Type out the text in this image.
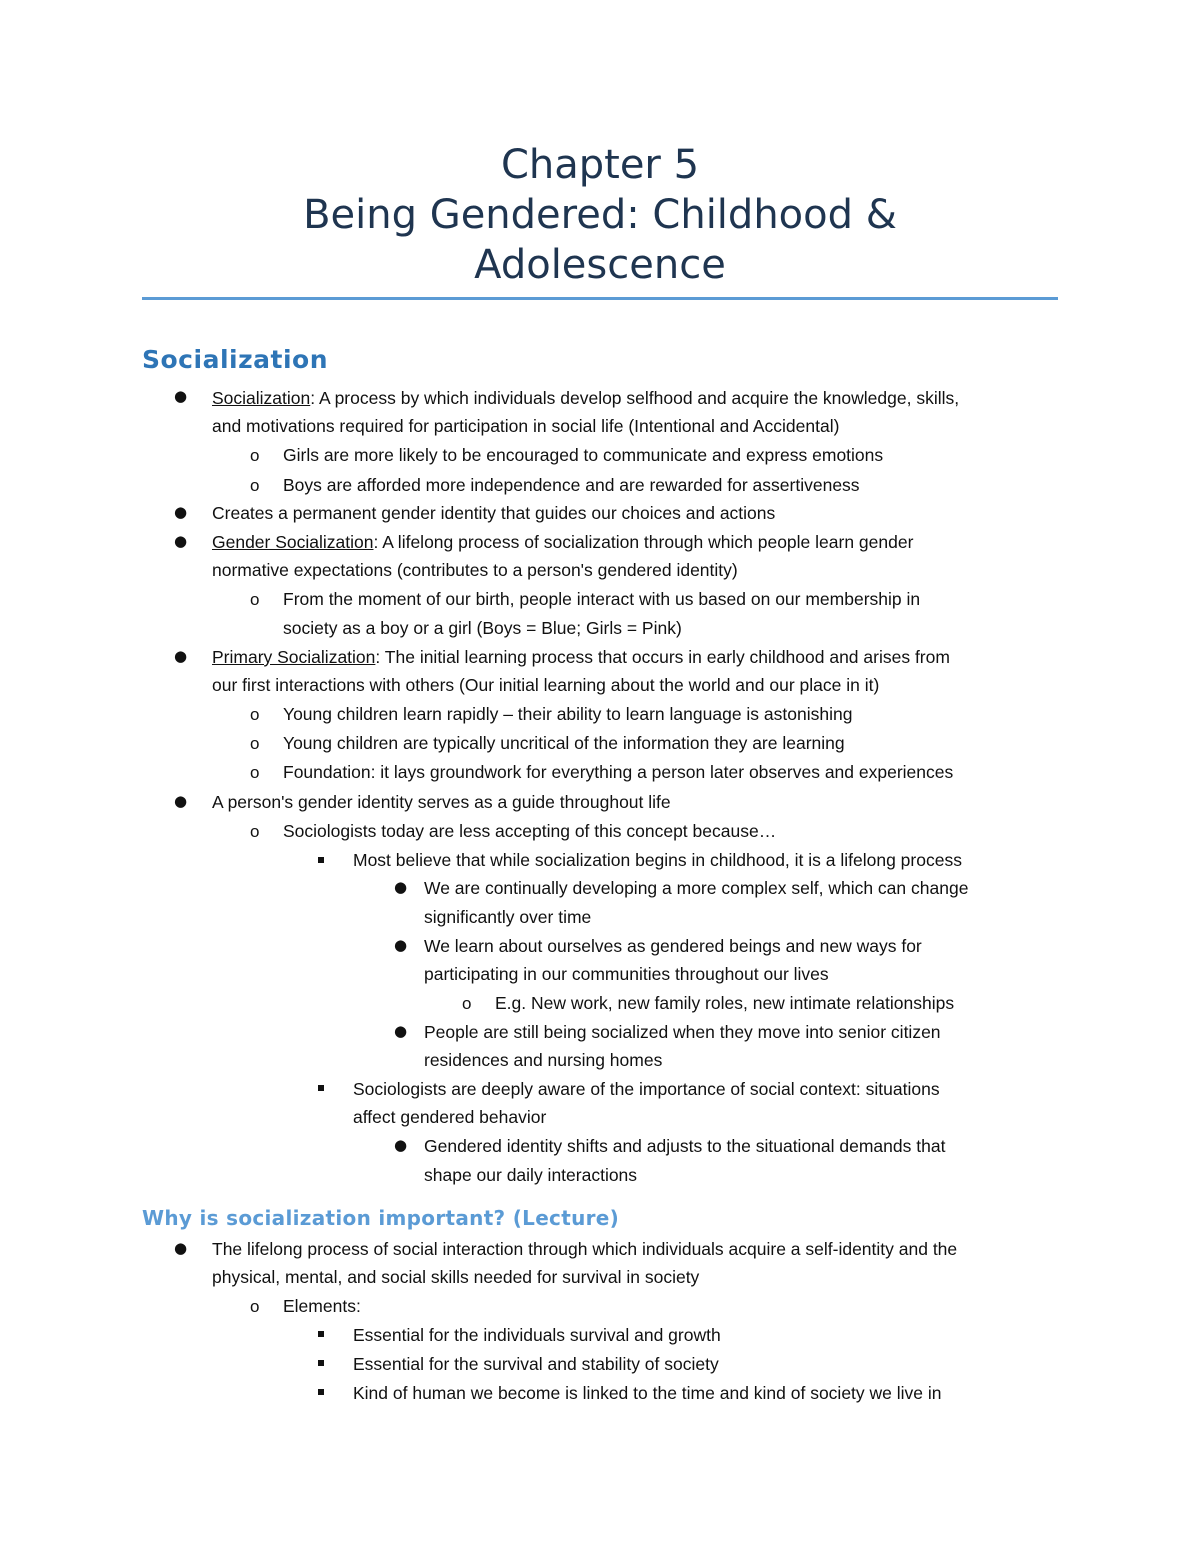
Chapter 5
Being Gendered: Childhood &
Adolescence
Socialization
● Socialization: A process by which individuals develop selfhood and acquire the knowledge, skills,
and motivations required for participation in social life (Intentional and Accidental)
o Girls are more likely to be encouraged to communicate and express emotions
o Boys are afforded more independence and are rewarded for assertiveness
● Creates a permanent gender identity that guides our choices and actions
● Gender Socialization: A lifelong process of socialization through which people learn gender
normative expectations (contributes to a person's gendered identity)
o From the moment of our birth, people interact with us based on our membership in
society as a boy or a girl (Boys = Blue; Girls = Pink)
● Primary Socialization: The initial learning process that occurs in early childhood and arises from
our first interactions with others (Our initial learning about the world and our place in it)
o Young children learn rapidly – their ability to learn language is astonishing
o Young children are typically uncritical of the information they are learning
o Foundation: it lays groundwork for everything a person later observes and experiences
● A person's gender identity serves as a guide throughout life
o Sociologists today are less accepting of this concept because…
Most believe that while socialization begins in childhood, it is a lifelong process
● We are continually developing a more complex self, which can change
significantly over time
● We learn about ourselves as gendered beings and new ways for
participating in our communities throughout our lives
o E.g. New work, new family roles, new intimate relationships
● People are still being socialized when they move into senior citizen
residences and nursing homes
Sociologists are deeply aware of the importance of social context: situations
affect gendered behavior
● Gendered identity shifts and adjusts to the situational demands that
shape our daily interactions
Why is socialization important? (Lecture)
● The lifelong process of social interaction through which individuals acquire a self-identity and the
physical, mental, and social skills needed for survival in society
o Elements:
Essential for the individuals survival and growth
Essential for the survival and stability of society
Kind of human we become is linked to the time and kind of society we live in
